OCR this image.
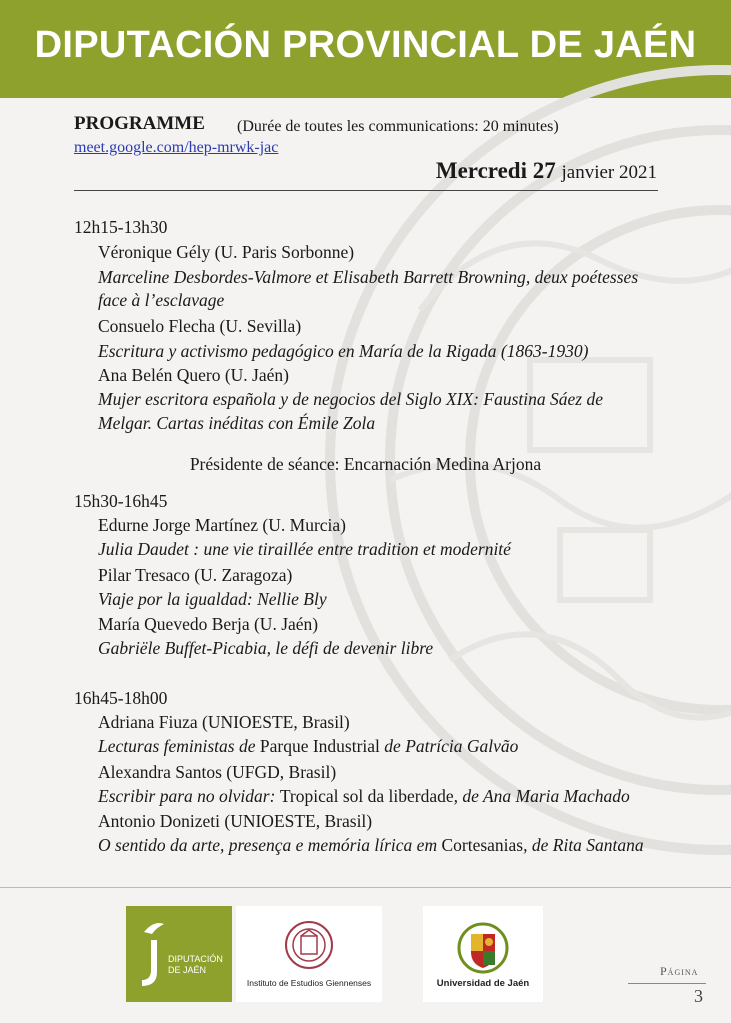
DIPUTACIÓN PROVINCIAL DE JAÉN
PROGRAMME (Durée de toutes les communications: 20 minutes)
meet.google.com/hep-mrwk-jac
Mercredi 27 janvier 2021
12h15-13h30
Véronique Gély (U. Paris Sorbonne)
Marceline Desbordes-Valmore et Elisabeth Barrett Browning, deux poétesses
face à l’esclavage
Consuelo Flecha (U. Sevilla)
Escritura y activismo pedagógico en María de la Rigada (1863-1930)
Ana Belén Quero (U. Jaén)
Mujer escritora española y de negocios del Siglo XIX: Faustina Sáez de
Melgar. Cartas inéditas con Émile Zola
Présidente de séance: Encarnación Medina Arjona
15h30-16h45
Edurne Jorge Martínez (U. Murcia)
Julia Daudet : une vie tiraillée entre tradition et modernité
Pilar Tresaco (U. Zaragoza)
Viaje por la igualdad: Nellie Bly
María Quevedo Berja (U. Jaén)
Gabriële Buffet-Picabia, le défi de devenir libre
16h45-18h00
Adriana Fiuza (UNIOESTE, Brasil)
Lecturas feministas de Parque Industrial de Patrícia Galvão
Alexandra Santos (UFGD, Brasil)
Escribir para no olvidar: Tropical sol da liberdade, de Ana Maria Machado
Antonio Donizeti (UNIOESTE, Brasil)
O sentido da arte, presença e memória lírica em Cortesanias, de Rita Santana
DIPUTACIÓN
DE JAÉN
Instituto de Estudios Giennenses	Universidad de Jaén
Página
3
